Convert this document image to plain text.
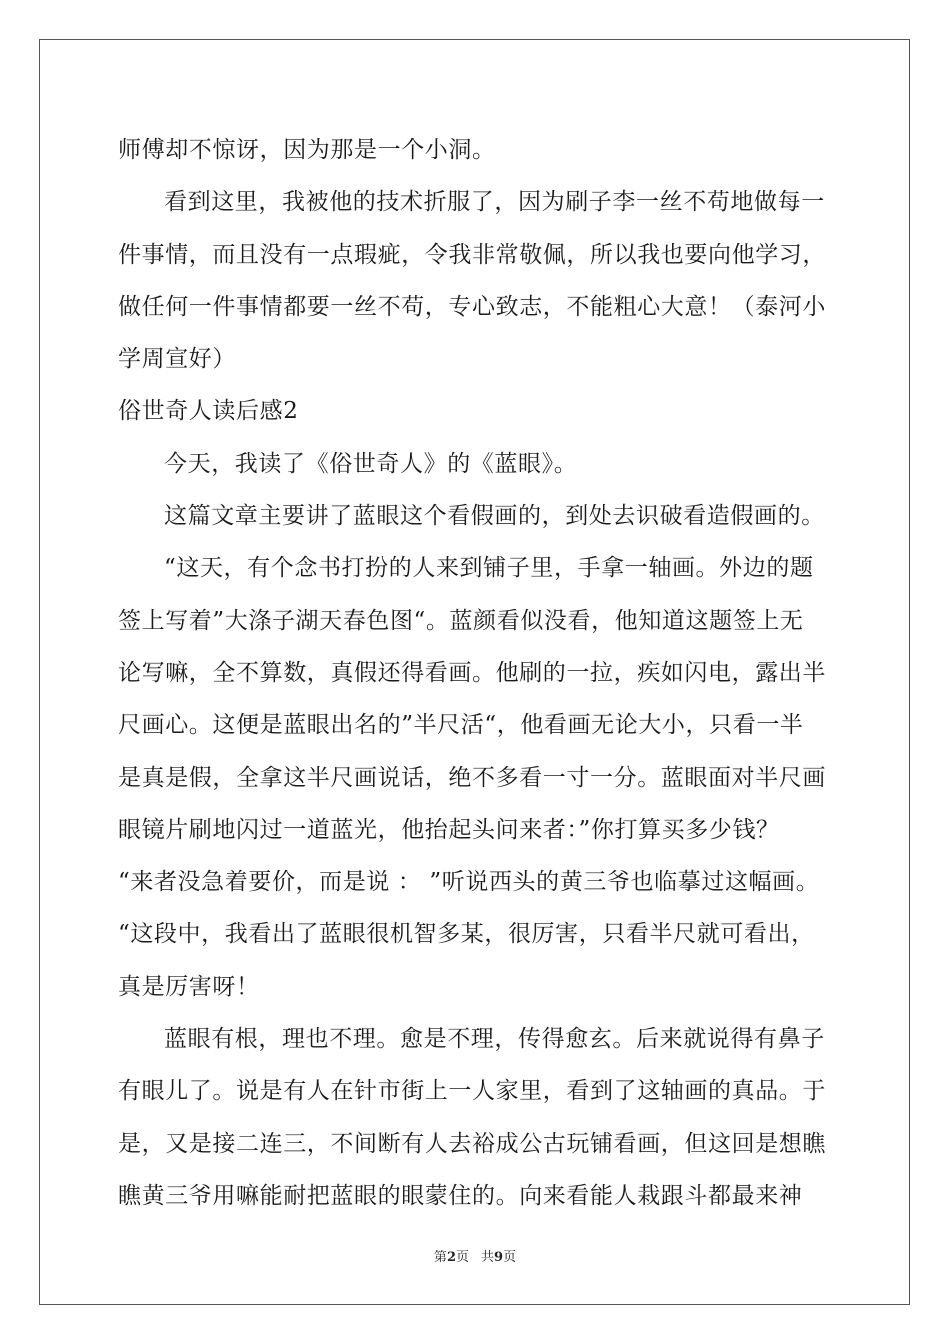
师傅却不惊讶，因为那是一个小洞。
看到这里，我被他的技术折服了，因为刷子李一丝不苟地做每一
件事情，而且没有一点瑕疵，令我非常敬佩，所以我也要向他学习，
做任何一件事情都要一丝不苟，专心致志，不能粗心大意！（泰河小
学周宣好）
俗世奇人读后感2
今天，我读了《俗世奇人》的《蓝眼》。
这篇文章主要讲了蓝眼这个看假画的，到处去识破看造假画的。
“这天，有个念书打扮的人来到铺子里，手拿一轴画。外边的题
签上写着”大涤子湖天春色图“。蓝颜看似没看，他知道这题签上无
论写嘛，全不算数，真假还得看画。他刷的一拉，疾如闪电，露出半
尺画心。这便是蓝眼出名的”半尺活“，他看画无论大小，只看一半
是真是假，全拿这半尺画说话，绝不多看一寸一分。蓝眼面对半尺画
眼镜片刷地闪过一道蓝光，他抬起头问来者：”你打算买多少钱？
“来者没急着要价，而是说 ： ”听说西头的黄三爷也临摹过这幅画。
“这段中，我看出了蓝眼很机智多某，很厉害，只看半尺就可看出，
真是厉害呀！
蓝眼有根，理也不理。愈是不理，传得愈玄。后来就说得有鼻子
有眼儿了。说是有人在针市街上一人家里，看到了这轴画的真品。于
是，又是接二连三，不间断有人去裕成公古玩铺看画，但这回是想瞧
瞧黄三爷用嘛能耐把蓝眼的眼蒙住的。向来看能人栽跟斗都最来神
第2页 共9页
